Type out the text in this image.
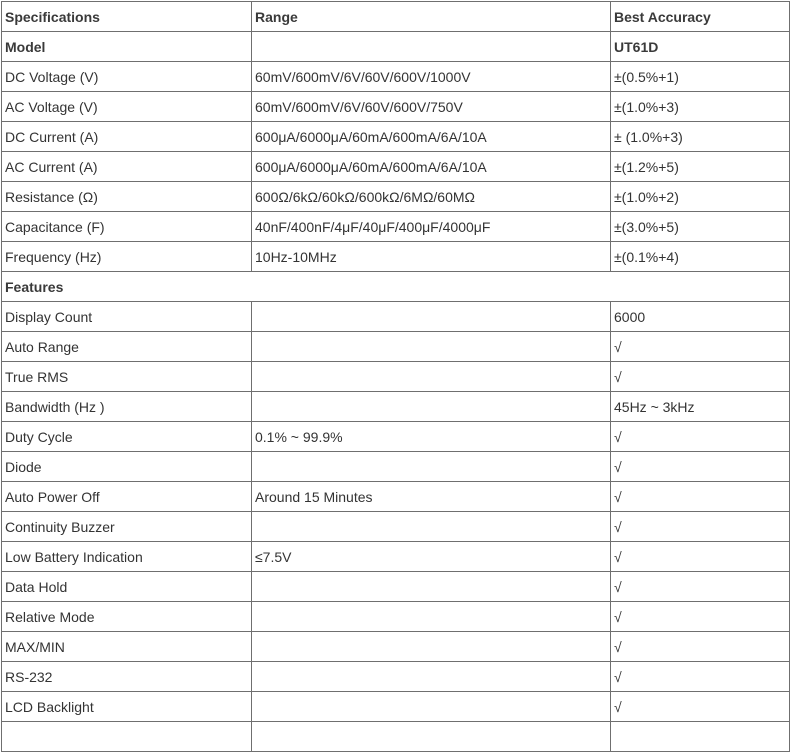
Specifications	Range	Best Accuracy
Model		UT61D
DC Voltage (V)	60mV/600mV/6V/60V/600V/1000V	±(0.5%+1)
AC Voltage (V)	60mV/600mV/6V/60V/600V/750V	±(1.0%+3)
DC Current (A)	600μA/6000μA/60mA/600mA/6A/10A	± (1.0%+3)
AC Current (A)	600μA/6000μA/60mA/600mA/6A/10A	±(1.2%+5)
Resistance (Ω)	600Ω/6kΩ/60kΩ/600kΩ/6MΩ/60MΩ	±(1.0%+2)
Capacitance (F)	40nF/400nF/4μF/40μF/400μF/4000μF	±(3.0%+5)
Frequency (Hz)	10Hz-10MHz	±(0.1%+4)
Features		
Display Count		6000
Auto Range		√
True RMS		√
Bandwidth (Hz )		45Hz ~ 3kHz
Duty Cycle	0.1% ~ 99.9%	√
Diode		√
Auto Power Off	Around 15 Minutes	√
Continuity Buzzer		√
Low Battery Indication	≤7.5V	√
Data Hold		√
Relative Mode		√
MAX/MIN		√
RS-232		√
LCD Backlight		√
